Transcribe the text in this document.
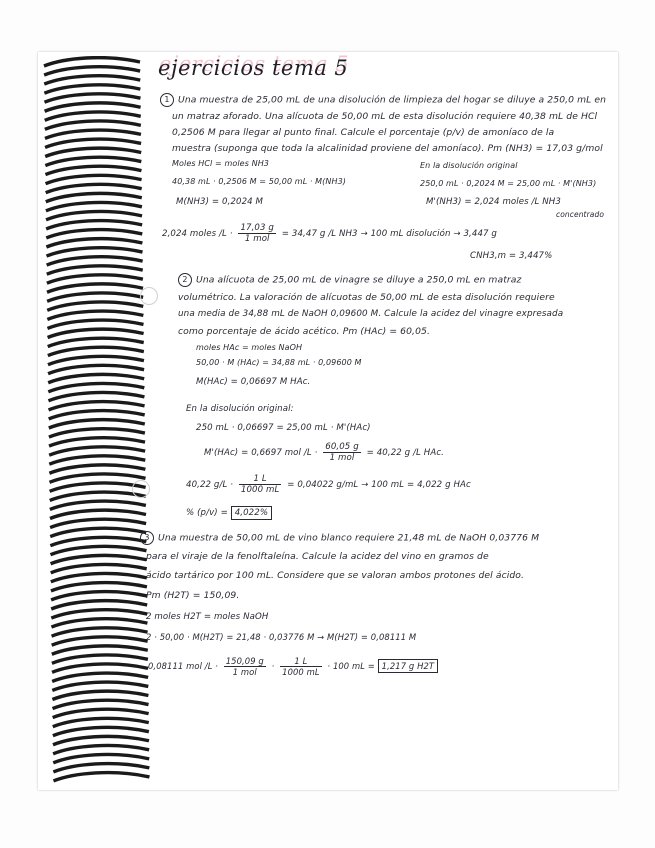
ejercicios tema 5
1 Una muestra de 25,00 mL de una disolución de limpieza del hogar se diluye a 250,0 mL en
un matraz aforado. Una alícuota de 50,00 mL de esta disolución requiere 40,38 mL de HCl
0,2506 M para llegar al punto final. Calcule el porcentaje (p/v) de amoníaco de la
muestra (suponga que toda la alcalinidad proviene del amoníaco). Pm (NH3) = 17,03 g/mol
Moles HCl = moles NH3	En la disolución original
40,38 mL · 0,2506 M = 50,00 mL · M(NH3)	250,0 mL · 0,2024 M = 25,00 mL · M'(NH3)
M(NH3) = 0,2024 M	M'(NH3) = 2,024 moles /L NH3
concentrado
2,024 moles $/L \cdot \frac{17,03 g}{\text{1 mol}} = 34,47$ g /L NH3 → 100 mL disolución → 3,447 g
CNH3,m = 3,447%
2 Una alícuota de 25,00 mL de vinagre se diluye a 250,0 mL en matraz
volumétrico. La valoración de alícuotas de 50,00 mL de esta disolución requiere
una media de 34,88 mL de NaOH 0,09600 M. Calcule la acidez del vinagre expresada
como porcentaje de ácido acético. Pm (HAc) = 60,05.
moles HAc = moles NaOH
50,00 · M (HAc) = 34,88 mL · 0,09600 M
M(HAc) = 0,06697 M HAc.
En la disolución original:
250 mL · 0,06697 = 25,00 mL · M'(HAc)
M'(HAc) = 0,6697 mol $/L \cdot \frac{60,05 g}{\text{1 mol}} = 40,22$ g /L HAc.
40,22 $g/L \cdot \frac{1 L}{1000 mL} = 0,04022$ g/mL → 100 mL = 4,022 g HAc
% (p/v) = 4,022%
3 Una muestra de 50,00 mL de vino blanco requiere 21,48 mL de NaOH 0,03776 M
para el viraje de la fenolftaleína. Calcule la acidez del vino en gramos de
ácido tartárico por 100 mL. Considere que se valoran ambos protones del ácido.
Pm (H2T) = 150,09.
2 moles H2T = moles NaOH
2 · 50,00 · M(H2T) = 21,48 · 0,03776 M → M(H2T) = 0,08111 M
0,08111 mol $/L \cdot \frac{150,09 g}{\text{1 mol}} \cdot \frac{1 L}{1000 mL} \cdot 100$ mL = 1,217 g H2T
